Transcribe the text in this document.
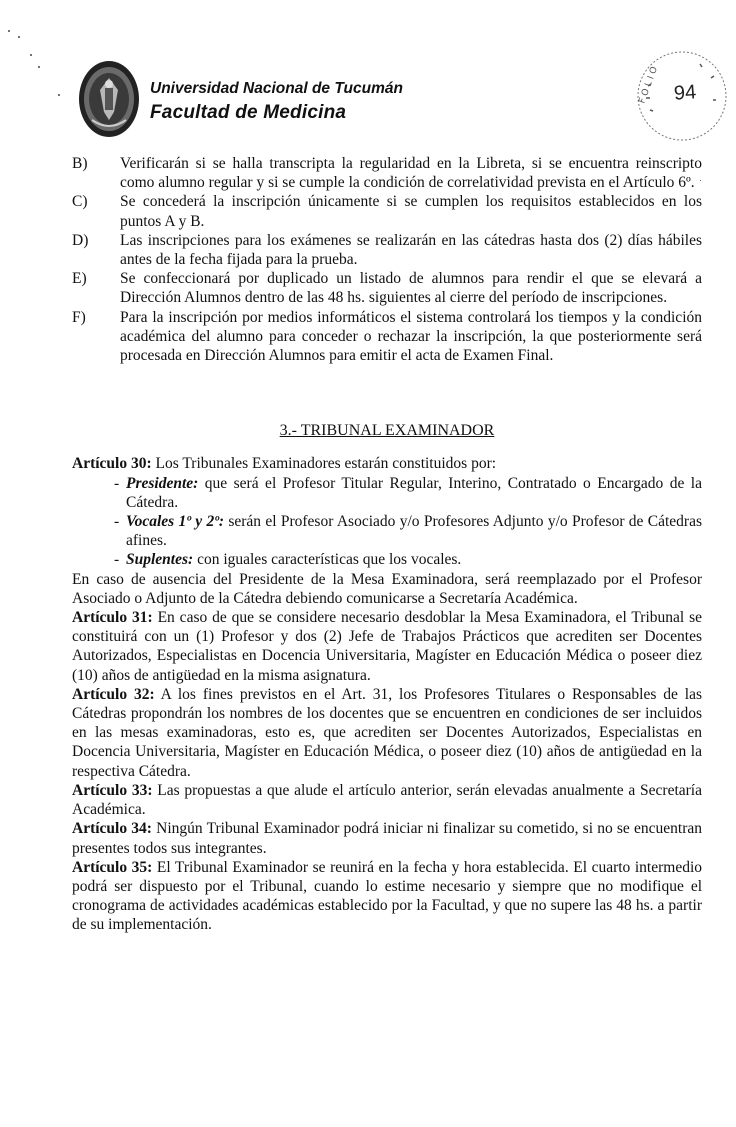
Universidad Nacional de Tucumán
Facultad de Medicina
F O L I O 94
B)	Verificarán si se halla transcripta la regularidad en la Libreta, si se encuentra reinscripto como alumno regular y si se cumple la condición de correlatividad prevista en el Artículo 6º.
C)	Se concederá la inscripción únicamente si se cumplen los requisitos establecidos en los puntos A y B.
D)	Las inscripciones para los exámenes se realizarán en las cátedras hasta dos (2) días hábiles antes de la fecha fijada para la prueba.
E)	Se confeccionará por duplicado un listado de alumnos para rendir el que se elevará a Dirección Alumnos dentro de las 48 hs. siguientes al cierre del período de inscripciones.
F)	Para la inscripción por medios informáticos el sistema controlará los tiempos y la condición académica del alumno para conceder o rechazar la inscripción, la que posteriormente será procesada en Dirección Alumnos para emitir el acta de Examen Final.
3.- TRIBUNAL EXAMINADOR
Artículo 30: Los Tribunales Examinadores estarán constituidos por:
- Presidente: que será el Profesor Titular Regular, Interino, Contratado o Encargado de la Cátedra.
- Vocales 1º y 2º: serán el Profesor Asociado y/o Profesores Adjunto y/o Profesor de Cátedras afines.
- Suplentes: con iguales características que los vocales.
En caso de ausencia del Presidente de la Mesa Examinadora, será reemplazado por el Profesor Asociado o Adjunto de la Cátedra debiendo comunicarse a Secretaría Académica.
Artículo 31: En caso de que se considere necesario desdoblar la Mesa Examinadora, el Tribunal se constituirá con un (1) Profesor y dos (2) Jefe de Trabajos Prácticos que acrediten ser Docentes Autorizados, Especialistas en Docencia Universitaria, Magíster en Educación Médica o poseer diez (10) años de antigüedad en la misma asignatura.
Artículo 32: A los fines previstos en el Art. 31, los Profesores Titulares o Responsables de las Cátedras propondrán los nombres de los docentes que se encuentren en condiciones de ser incluidos en las mesas examinadoras, esto es, que acrediten ser Docentes Autorizados, Especialistas en Docencia Universitaria, Magíster en Educación Médica, o poseer diez (10) años de antigüedad en la respectiva Cátedra.
Artículo 33: Las propuestas a que alude el artículo anterior, serán elevadas anualmente a Secretaría Académica.
Artículo 34: Ningún Tribunal Examinador podrá iniciar ni finalizar su cometido, si no se encuentran presentes todos sus integrantes.
Artículo 35: El Tribunal Examinador se reunirá en la fecha y hora establecida. El cuarto intermedio podrá ser dispuesto por el Tribunal, cuando lo estime necesario y siempre que no modifique el cronograma de actividades académicas establecido por la Facultad, y que no supere las 48 hs. a partir de su implementación.
